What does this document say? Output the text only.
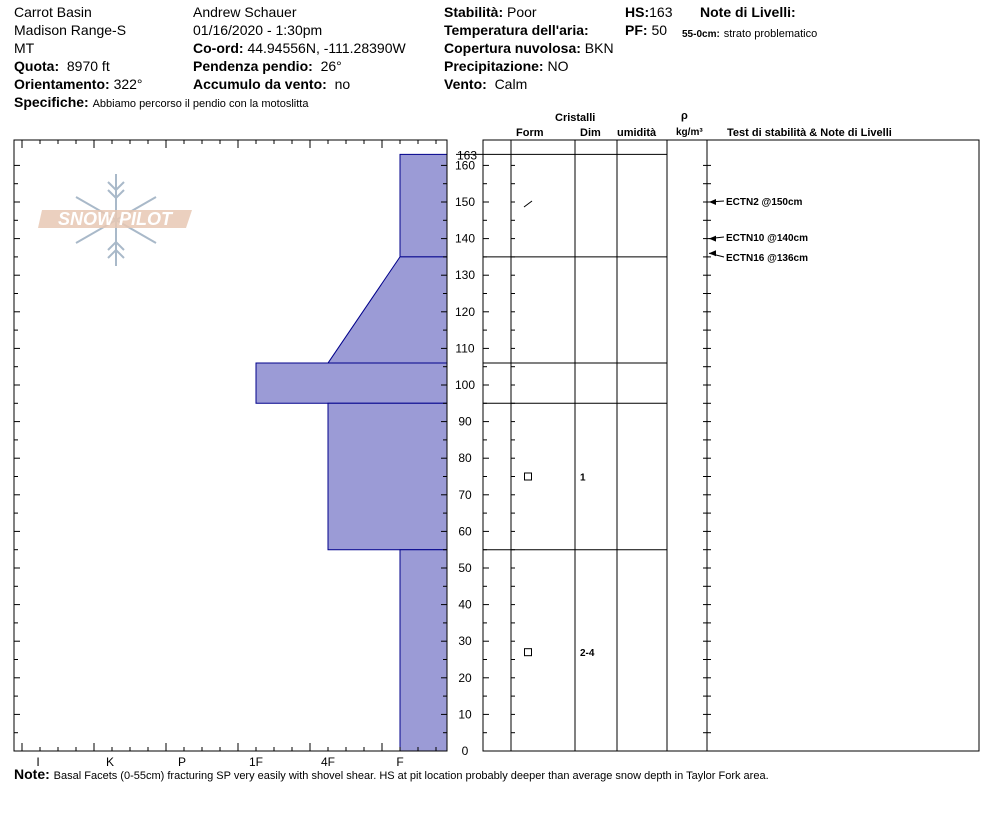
Carrot Basin
Madison Range-S
MT
Quota: 8970 ft
Orientamento: 322°
Specifiche: Abbiamo percorso il pendio con la motoslitta
Andrew Schauer
01/16/2020 - 1:30pm
Co-ord: 44.94556N, -111.28390W
Pendenza pendio: 26°
Accumulo da vento: no
Stabilità: Poor
Temperatura dell'aria:
Copertura nuvolosa: BKN
Precipitazione: NO
Vento: Calm
HS:163
PF: 50
Note di Livelli:
55-0cm: strato problematico
Cristalli
Form	Dim umidità
ρ
kg/m³ Test di stabilità & Note di Livelli
SNOW PILOT
0
10
20
30
40
50
60
70
80
90
100
110
120
130
140
150
160
163
I	K	P	1F	4F	F
1
2-4
ECTN2 @150cm
ECTN10 @140cm
ECTN16 @136cm
Note: Basal Facets (0-55cm) fracturing SP very easily with shovel shear. HS at pit location probably deeper than average snow depth in Taylor Fork area.
